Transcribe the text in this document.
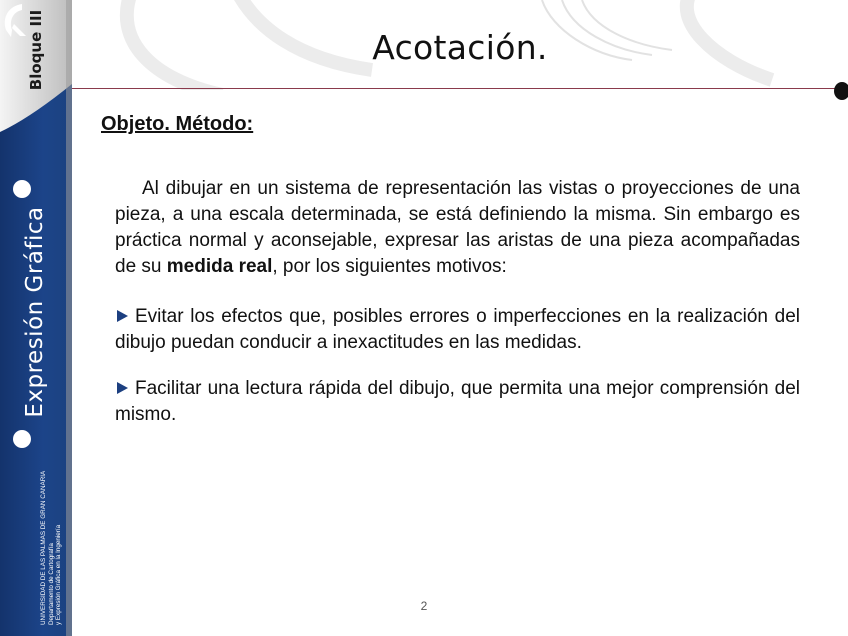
Bloque III
Expresión Gráfica
UNIVERSIDAD DE LAS PALMAS DE GRAN CANARIA
Departamento de Cartografía
y Expresión Gráfica en la Ingeniería
Acotación.
Objeto. Método:

Al dibujar en un sistema de representación las vistas o proyecciones de una pieza, a una escala determinada, se está definiendo la misma. Sin embargo es práctica normal y aconsejable, expresar las aristas de una pieza acompañadas de su medida real, por los siguientes motivos:

Evitar los efectos que, posibles errores o imperfecciones en la realización del dibujo puedan conducir a inexactitudes en las medidas.

Facilitar una lectura rápida del dibujo, que permita una mejor comprensión del mismo.

2
